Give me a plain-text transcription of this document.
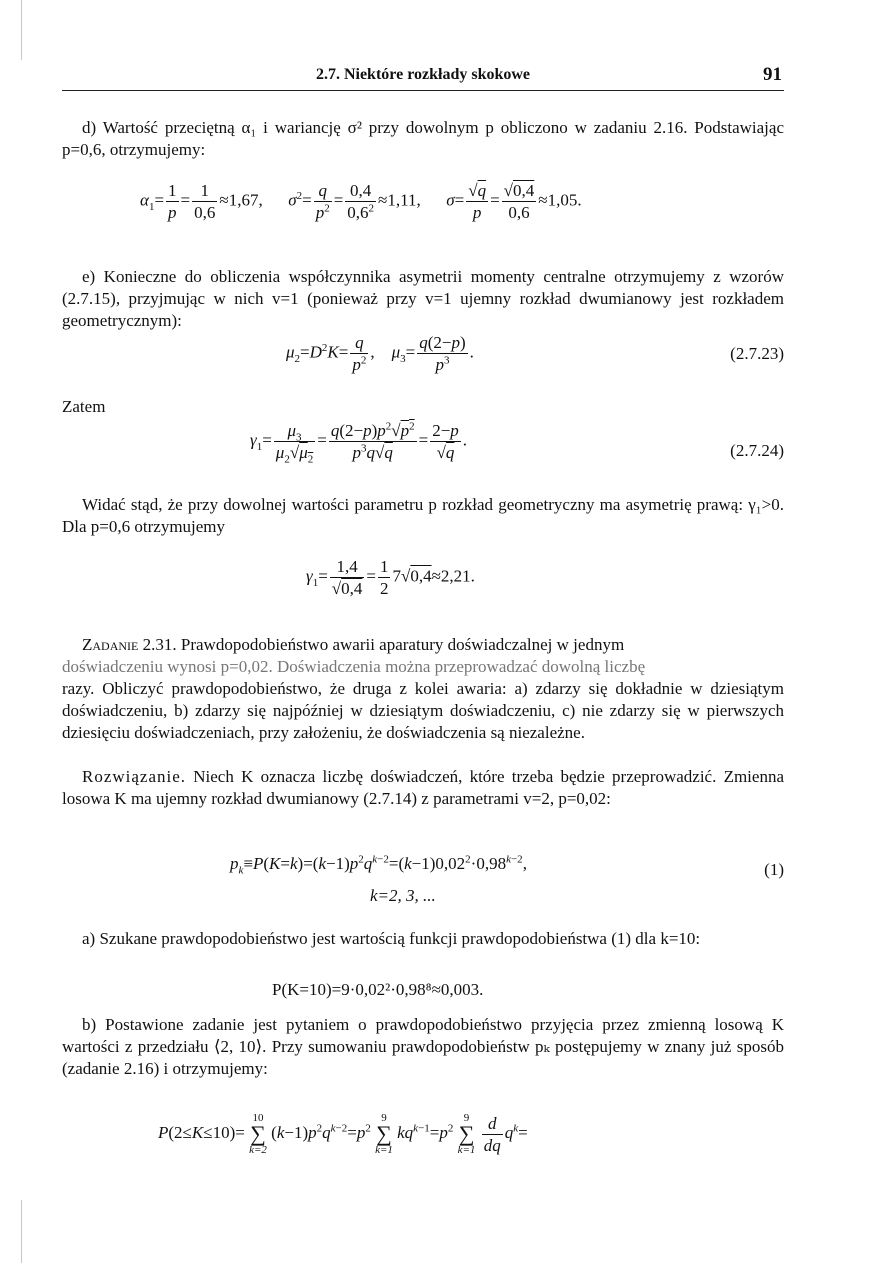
2.7. Niektóre rozkłady skokowe	91

d) Wartość przeciętną α₁ i wariancję σ² przy dowolnym p obliczono w zadaniu 2.16. Podstawiając p=0,6, otrzymujemy:

$\alpha_1= \frac{1}{p} = \frac{1}{0,6} \approx 1,67$, $\sigma^2= \frac{q}{p^2} = \frac{0,4}{0,6^2} \approx 1,11$, $\sigma= \frac{√q}{p} = \frac{√0,4}{0,6} \approx 1,05$.

e) Konieczne do obliczenia współczynnika asymetrii momenty centralne otrzymujemy z wzorów (2.7.15), przyjmując w nich v=1 (ponieważ przy v=1 ujemny rozkład dwumianowy jest rozkładem geometrycznym):

$\mu_2=D^2K= \frac{q}{p^2}$ ,    $\mu_3= \frac{q(2-p)}{p^3}$ .	(2.7.23)

Zatem

$\gamma_1= \frac{\mu_3}{\mu_2√\mu_2} = \frac{q(2-p)p^2√p^2}{p^3q√q} = \frac{2-p}{√q}$ .
(2.7.24)

Widać stąd, że przy dowolnej wartości parametru p rozkład geometryczny ma asymetrię prawą: γ₁>0. Dla p=0,6 otrzymujemy

$\gamma_1= \frac{1,4}{√0,4} = \frac{1}{2} 7√0,4\approx 2,21$.

Zadanie 2.31. Prawdopodobieństwo awarii aparatury doświadczalnej w jednym

doświadczeniu wynosi p=0,02. Doświadczenia można przeprowadzać dowolną liczbę

razy. Obliczyć prawdopodobieństwo, że druga z kolei awaria: a) zdarzy się dokładnie w dziesiątym doświadczeniu, b) zdarzy się najpóźniej w dziesiątym doświadczeniu, c) nie zdarzy się w pierwszych dziesięciu doświadczeniach, przy założeniu, że doświadczenia są niezależne.

Rozwiązanie. Niech K oznacza liczbę doświadczeń, które trzeba będzie przeprowadzić. Zmienna losowa K ma ujemny rozkład dwumianowy (2.7.14) z parametrami v=2, p=0,02:

$p_k\equiv P(K=k)=(k-1)p^2q^{k-2}=(k-1)0,02^2\cdot 0,98^{k-2}$,	(1)
k=2, 3, ...

a) Szukane prawdopodobieństwo jest wartością funkcji prawdopodobieństwa (1) dla k=10:

P(K=10)=9·0,02²·0,98⁸≈0,003.

b) Postawione zadanie jest pytaniem o prawdopodobieństwo przyjęcia przez zmienną losową K wartości z przedziału ⟨2, 10⟩. Przy sumowaniu prawdopodobieństw pₖ postępujemy w znany już sposób (zadanie 2.16) i otrzymujemy:

P(2≤K≤10)=
10
∑
k=2
$(k-1)p^2q^{k-2}=p^2$
9
∑
k=1
$kq^{k-1}=p^2$
9
∑
k=1
$\frac{d}{dq} q^k=$
